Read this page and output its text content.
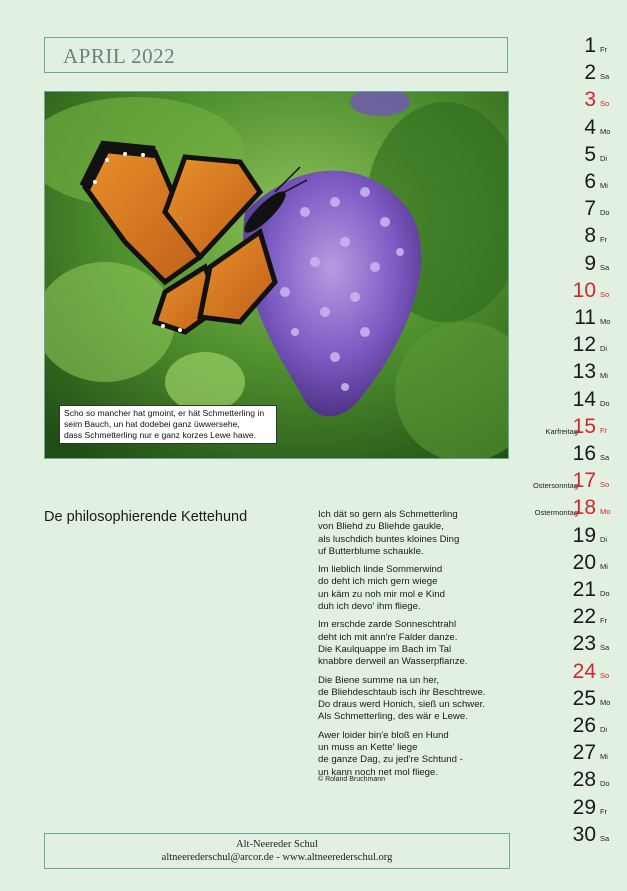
APRIL 2022
Scho so mancher hat gmoint, er hät Schmetterling in
seim Bauch, un hat dodebei ganz üwwersehe,
dass Schmetterling nur e ganz korzes Lewe hawe.
De philosophierende Kettehund	Ich dät so gern als Schmetterling
von Bliehd zu Bliehde gaukle,
als luschdich buntes kloines Ding
uf Butterblume schaukle.
Im lieblich linde Sommerwind
do deht ich mich gern wiege
un käm zu noh mir mol e Kind
duh ich devo' ihm fliege.
Im erschde zarde Sonneschtrahl
deht ich mit ann're Falder danze.
Die Kaulquappe im Bach im Tal
knabbre derweil an Wasserpflanze.
Die Biene summe na un her,
de Bliehdeschtaub isch ihr Beschtrewe.
Do draus werd Honich, sieß un schwer.
Als Schmetterling, des wär e Lewe.
Awer loider bin'e bloß en Hund
un muss an Kette' liege
de ganze Dag, zu jed're Schtund -
un kann noch net mol fliege.
© Roland Bruchmann
Alt-Neereder Schul
altneerederschul@arcor.de - www.altneerederschul.org
1 Fr
2 Sa
3 So
4 Mo
5 Di
6 Mi
7 Do
8 Fr
9 Sa
10 So
11 Mo
12 Di
13 Mi
14 Do
Karfreitag
15 Fr
16 Sa
Ostersonntag
17 So
Ostermontag
18 Mo
19 Di
20 Mi
21 Do
22 Fr
23 Sa
24 So
25 Mo
26 Di
27 Mi
28 Do
29 Fr
30 Sa
